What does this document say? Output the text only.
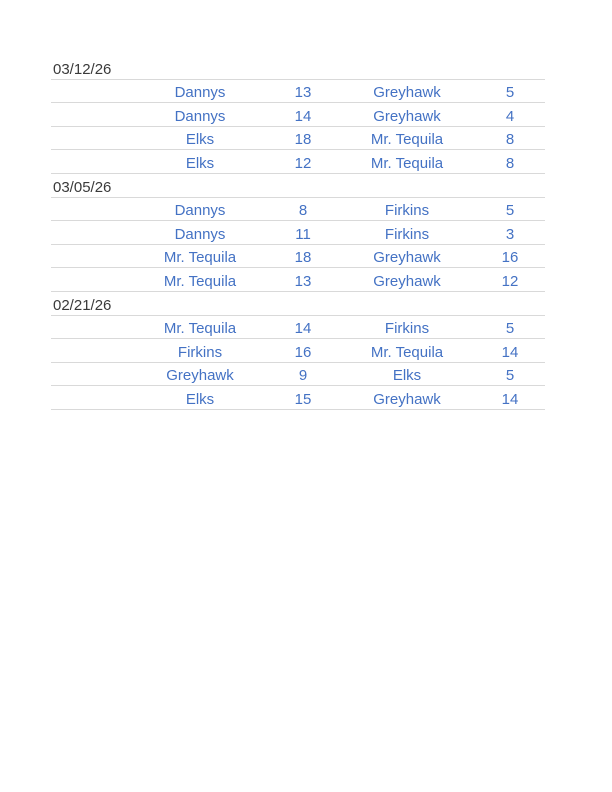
03/12/26
Dannys	13	Greyhawk	5
Dannys	14	Greyhawk	4
Elks	18	Mr. Tequila	8
Elks	12	Mr. Tequila	8
03/05/26
Dannys	8	Firkins	5
Dannys	11	Firkins	3
Mr. Tequila	18	Greyhawk	16
Mr. Tequila	13	Greyhawk	12
02/21/26
Mr. Tequila	14	Firkins	5
Firkins	16	Mr. Tequila	14
Greyhawk	9	Elks	5
Elks	15	Greyhawk	14
